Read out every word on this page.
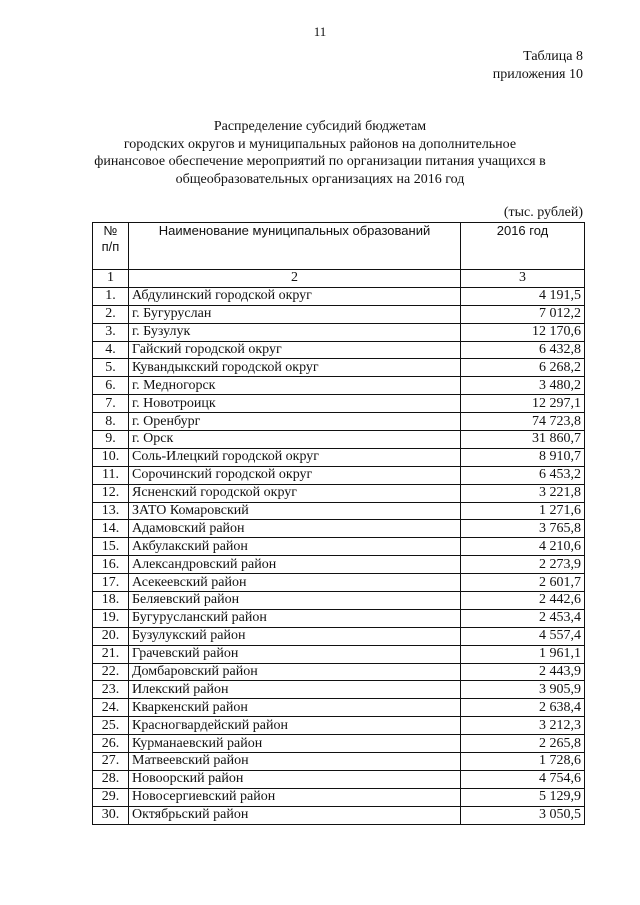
11
Таблица 8
приложения 10
Распределение субсидий бюджетам
городских округов и муниципальных районов на дополнительное
финансовое обеспечение мероприятий по организации питания учащихся в
общеобразовательных организациях на 2016 год
(тыс. рублей)
№
п/п	Наименование муниципальных образований	2016 год
1	2	3
1.	Абдулинский городской округ	4 191,5
2.	г. Бугуруслан	7 012,2
3.	г. Бузулук	12 170,6
4.	Гайский городской округ	6 432,8
5.	Кувандыкский городской округ	6 268,2
6.	г. Медногорск	3 480,2
7.	г. Новотроицк	12 297,1
8.	г. Оренбург	74 723,8
9.	г. Орск	31 860,7
10.	Соль-Илецкий городской округ	8 910,7
11.	Сорочинский городской округ	6 453,2
12.	Ясненский городской округ	3 221,8
13.	ЗАТО Комаровский	1 271,6
14.	Адамовский район	3 765,8
15.	Акбулакский район	4 210,6
16.	Александровский район	2 273,9
17.	Асекеевский район	2 601,7
18.	Беляевский район	2 442,6
19.	Бугурусланский район	2 453,4
20.	Бузулукский район	4 557,4
21.	Грачевский район	1 961,1
22.	Домбаровский район	2 443,9
23.	Илекский район	3 905,9
24.	Кваркенский район	2 638,4
25.	Красногвардейский район	3 212,3
26.	Курманаевский район	2 265,8
27.	Матвеевский район	1 728,6
28.	Новоорский район	4 754,6
29.	Новосергиевский район	5 129,9
30.	Октябрьский район	3 050,5
